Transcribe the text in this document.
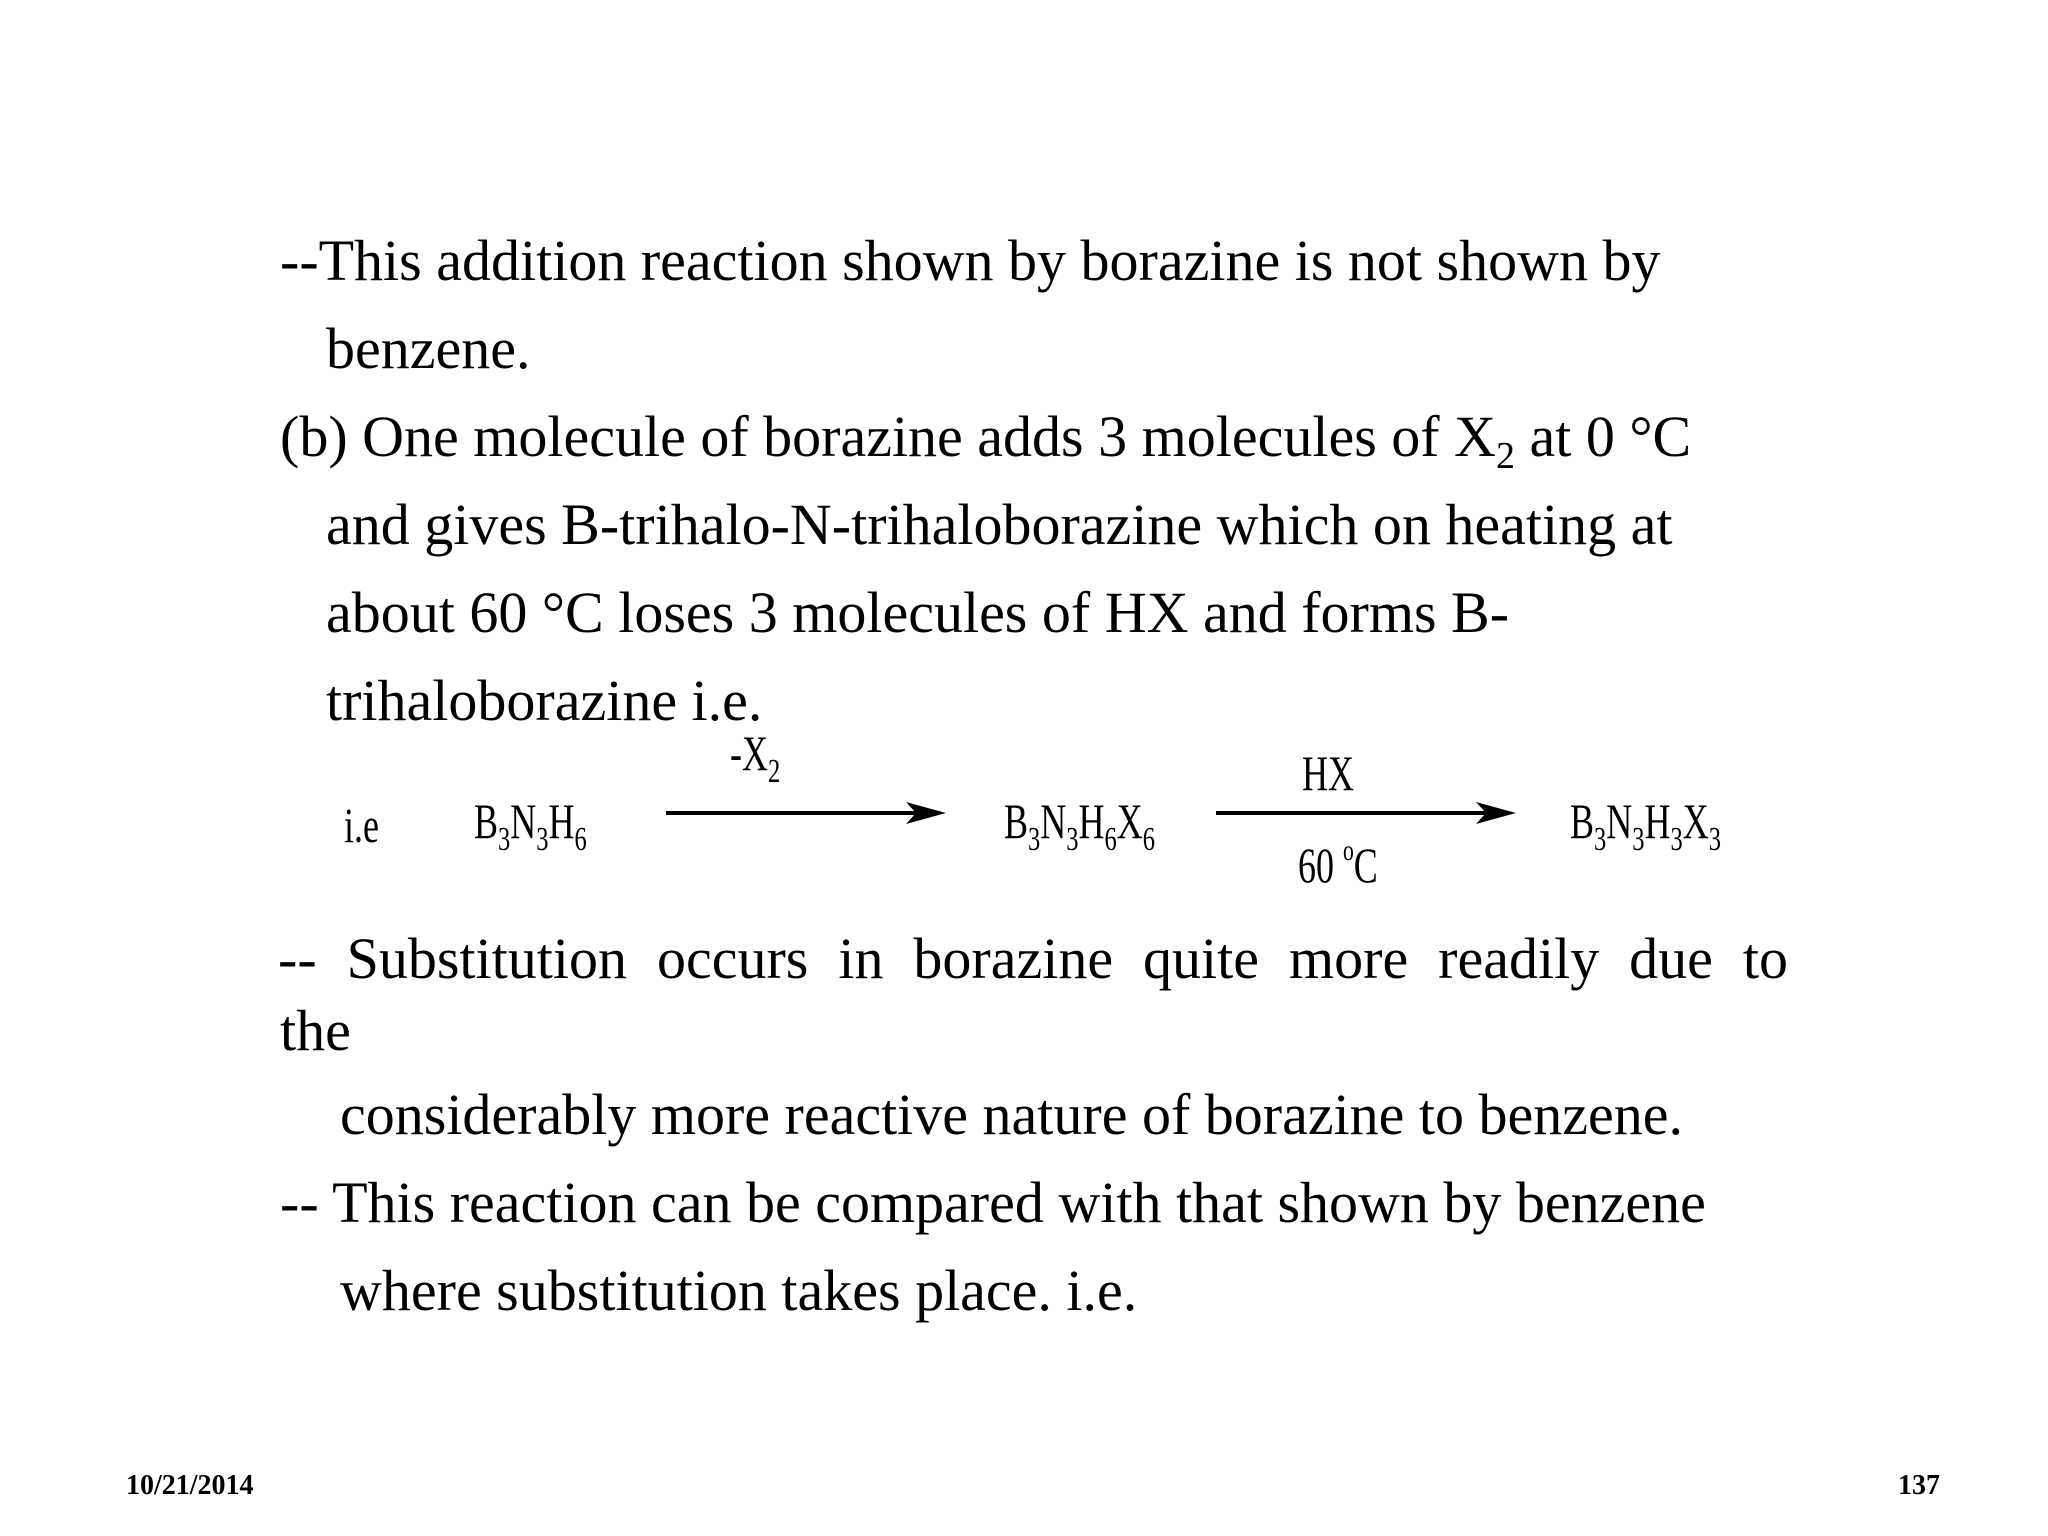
--This addition reaction shown by borazine is not shown by
benzene.
(b) One molecule of borazine adds 3 molecules of $X_2$ at 0 °C
and gives B-trihalo-N-trihaloborazine which on heating at
about 60 °C loses 3 molecules of HX and forms B-
trihaloborazine i.e.
i.e $B_3N_3H_6$
$-X_2$
$B_3N_3H_6X_6$
HX
60 $^o$C
$B_3N_3H_3X_3$
-- Substitution occurs in borazine quite more readily due to
the
considerably more reactive nature of borazine to benzene.
-- This reaction can be compared with that shown by benzene
where substitution takes place. i.e.
10/21/2014	137
